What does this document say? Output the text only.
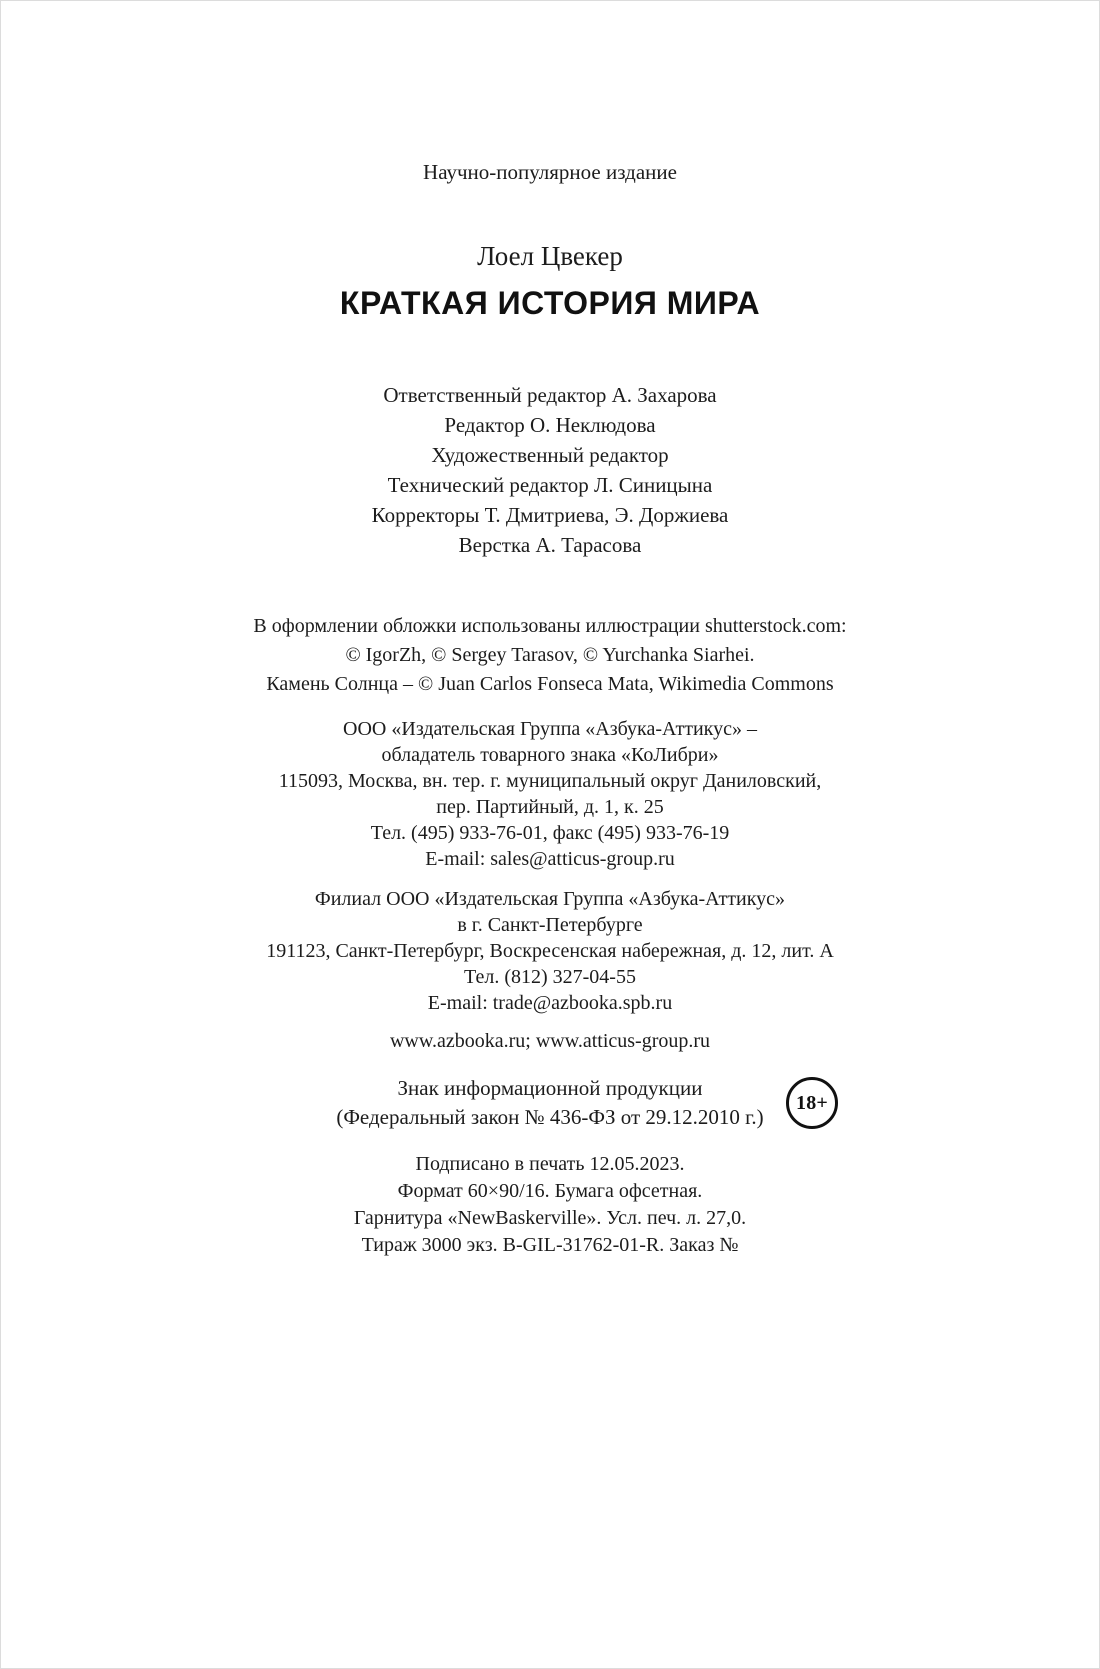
Научно-популярное издание
Лоел Цвекер
КРАТКАЯ ИСТОРИЯ МИРА
Ответственный редактор А. Захарова
Редактор О. Неклюдова
Художественный редактор
Технический редактор Л. Синицына
Корректоры Т. Дмитриева, Э. Доржиева
Верстка А. Тарасова
В оформлении обложки использованы иллюстрации shutterstock.com:
© IgorZh, © Sergey Tarasov, © Yurchanka Siarhei.
Камень Солнца – © Juan Carlos Fonseca Mata, Wikimedia Commons
ООО «Издательская Группа «Азбука-Аттикус» –
обладатель товарного знака «КоЛибри»
115093, Москва, вн. тер. г. муниципальный округ Даниловский,
пер. Партийный, д. 1, к. 25
Тел. (495) 933-76-01, факс (495) 933-76-19
E-mail: sales@atticus-group.ru
Филиал ООО «Издательская Группа «Азбука-Аттикус»
в г. Санкт-Петербурге
191123, Санкт-Петербург, Воскресенская набережная, д. 12, лит. А
Тел. (812) 327-04-55
E-mail: trade@azbooka.spb.ru
www.azbooka.ru; www.atticus-group.ru
Знак информационной продукции
(Федеральный закон № 436-ФЗ от 29.12.2010 г.)
18+
Подписано в печать 12.05.2023.
Формат 60×90/16. Бумага офсетная.
Гарнитура «NewBaskerville». Усл. печ. л. 27,0.
Тираж 3000 экз. B-GIL-31762-01-R. Заказ №
